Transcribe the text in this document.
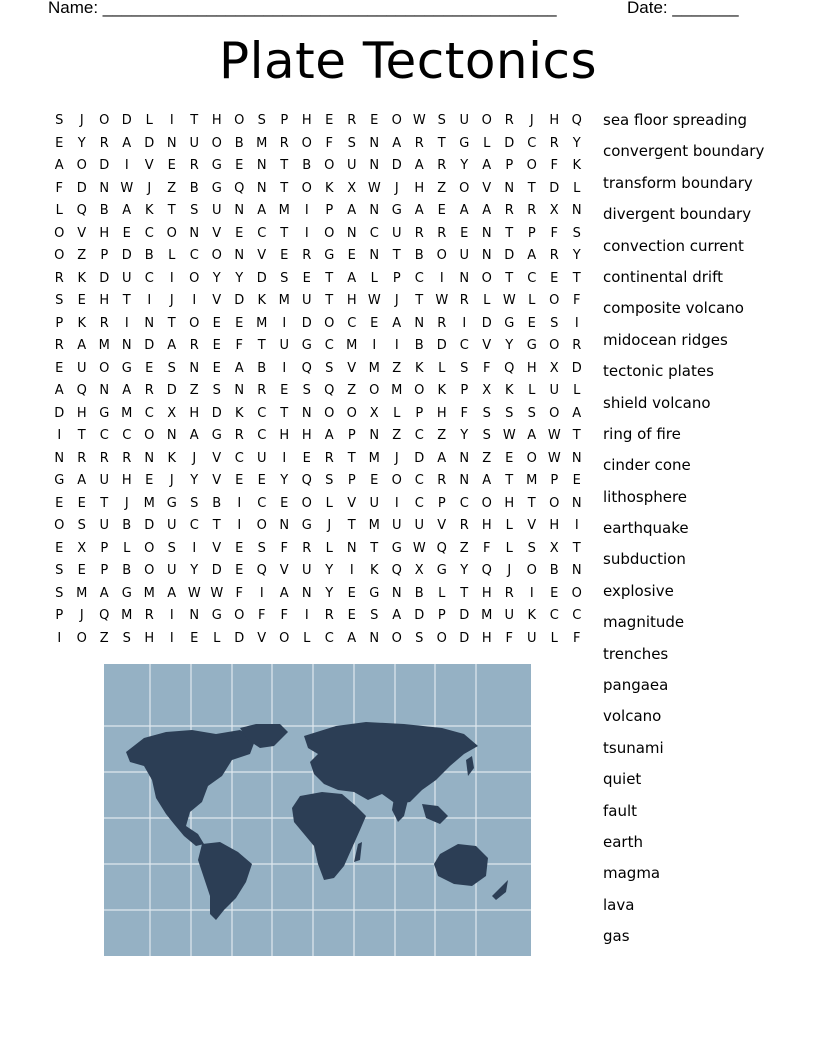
Name: ________________________________________________	Date: _______
Plate Tectonics
S	J	O D	L	I	T	H O	S	P	H	E	R	E	O W S	U O R	J	H Q
E	Y	R	A	D N U O B M R O	F	S	N	A	R	T	G	L	D C	R	Y
A O D	I	V	E	R G	E	N	T	B O U N D	A	R	Y	A	P	O	F	K
F	D N W	J	Z	B	G Q N	T	O	K	X W	J	H	Z O V	N	T	D	L
L	Q B	A	K	T	S	U N	A M	I	P	A	N G	A	E	A	A	R	R	X	N
O V	H	E	C O N	V	E	C	T	I	O N	C	U	R	R	E	N	T	P	F	S
O Z	P	D	B	L	C O N	V	E	R G	E	N	T	B O U N D	A	R	Y
R	K	D U	C	I	O	Y	Y	D	S	E	T	A	L	P	C	I	N O	T	C	E	T
S	E	H	T	I	J	I	V	D	K M U	T	H W	J	T W R	L W L	O	F
P	K	R	I	N	T	O	E	E M	I	D O C	E	A	N	R	I	D G	E	S	I
R	A M N D	A	R	E	F	T	U G C M	I	I	B	D C	V	Y	G O R
E	U O G	E	S	N	E	A	B	I	Q	S	V M Z	K	L	S	F	Q H	X	D
A Q N	A	R D	Z	S	N	R	E	S	Q Z O M O	K	P	X	K	L	U	L
D H G M C	X	H D	K	C	T	N O O X	L	P	H	F	S	S	S	O A
I	T	C	C O N	A	G R	C	H H	A	P	N	Z	C	Z	Y	S W A W T
N	R	R	R	N	K	J	V	C	U	I	E	R	T M	J	D	A	N	Z	E	O W N
G	A	U H	E	J	Y	V	E	E	Y	Q	S	P	E	O C	R	N	A	T M P	E
E	E	T	J	M G	S	B	I	C	E	O	L	V	U	I	C	P	C O H	T	O N
O	S	U	B	D U	C	T	I	O N G	J	T M U U	V	R	H	L	V	H	I
E	X	P	L	O	S	I	V	E	S	F	R	L	N	T	G W Q Z	F	L	S	X	T
S	E	P	B O U	Y	D	E	Q V	U	Y	I	K	Q X	G	Y	Q	J	O B	N
S M A	G M A W W F	I	A	N	Y	E	G N	B	L	T	H	R	I	E	O
P	J	Q M R	I	N G O	F	F	I	R	E	S	A	D	P	D M U	K	C	C
I	O Z	S	H	I	E	L	D	V O	L	C	A	N O	S	O D H	F	U	L	F
sea floor spreading
convergent boundary
transform boundary
divergent boundary
convection current
continental drift
composite volcano
midocean ridges
tectonic plates
shield volcano
ring of fire
cinder cone
lithosphere
earthquake
subduction
explosive
magnitude
trenches
pangaea
volcano
tsunami
quiet
fault
earth
magma
lava
gas
